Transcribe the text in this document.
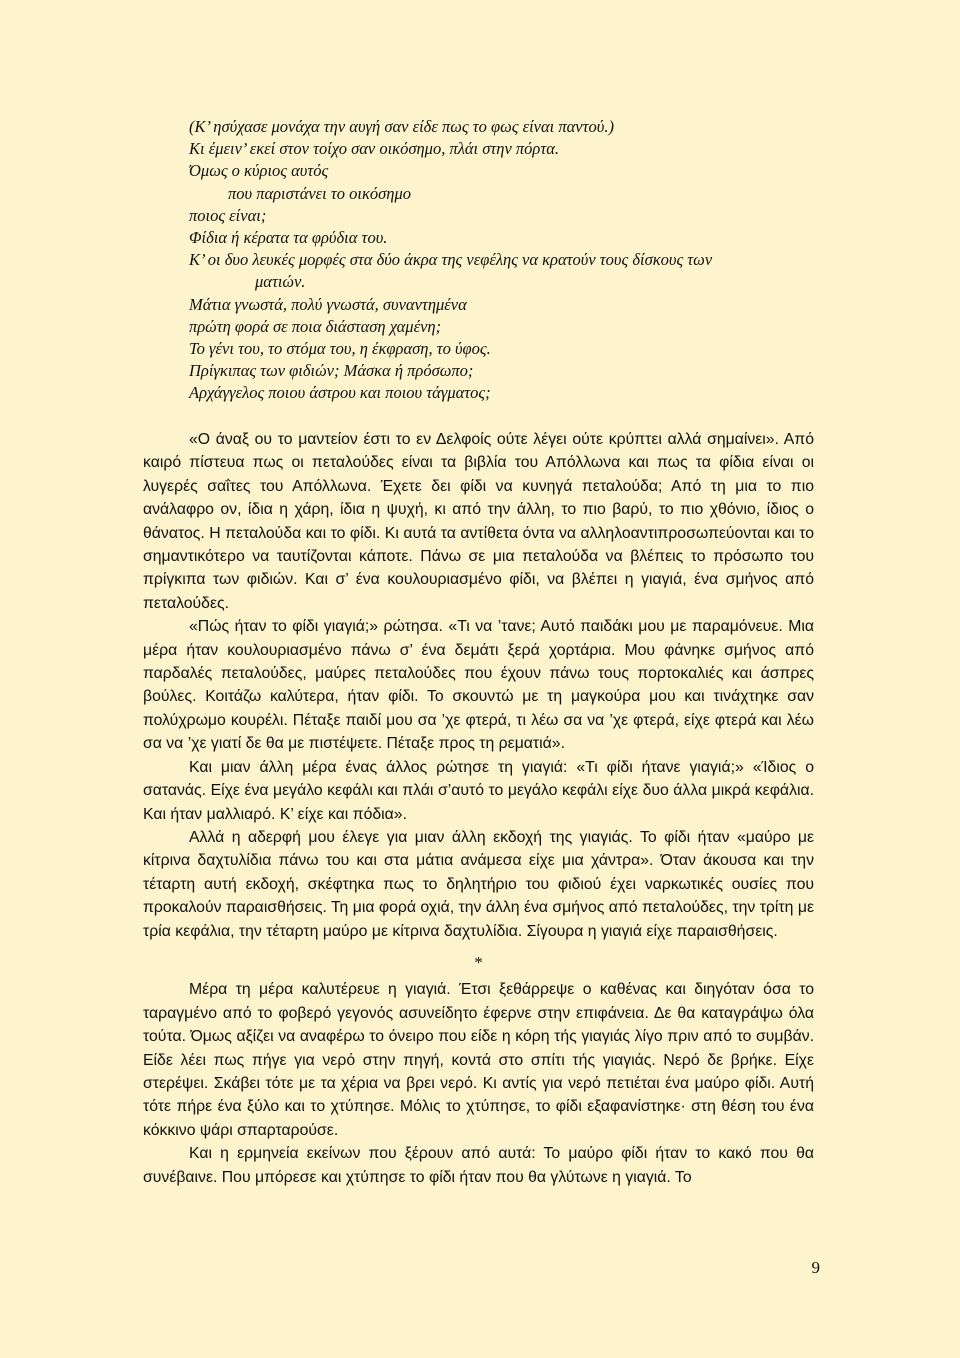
(Κ’ ησύχασε μονάχα την αυγή σαν είδε πως το φως είναι παντού.)
Κι έμειν’ εκεί στον τοίχο σαν οικόσημο, πλάι στην πόρτα.
Όμως ο κύριος αυτός
που παριστάνει το οικόσημο
ποιος είναι;
Φίδια ή κέρατα τα φρύδια του.
Κ’ οι δυο λευκές μορφές στα δύο άκρα της νεφέλης να κρατούν τους δίσκους των
ματιών.
Μάτια γνωστά, πολύ γνωστά, συναντημένα
πρώτη φορά σε ποια διάσταση χαμένη;
Το γένι του, το στόμα του, η έκφραση, το ύφος.
Πρίγκιπας των φιδιών; Μάσκα ή πρόσωπο;
Αρχάγγελος ποιου άστρου και ποιου τάγματος;

«Ο άναξ ου το μαντείον έστι το εν Δελφοίς ούτε λέγει ούτε κρύπτει αλλά σημαίνει». Από καιρό πίστευα πως οι πεταλούδες είναι τα βιβλία του Απόλλωνα και πως τα φίδια είναι οι λυγερές σαΐτες του Απόλλωνα. Έχετε δει φίδι να κυνηγά πεταλούδα; Από τη μια το πιο ανάλαφρο ον, ίδια η χάρη, ίδια η ψυχή, κι από την άλλη, το πιο βαρύ, το πιο χθόνιο, ίδιος ο θάνατος. Η πεταλούδα και το φίδι. Κι αυτά τα αντίθετα όντα να αλληλοαντιπροσωπεύονται και το σημαντικότερο να ταυτίζονται κάποτε. Πάνω σε μια πεταλούδα να βλέπεις το πρόσωπο του πρίγκιπα των φιδιών. Και σ’ ένα κουλουριασμένο φίδι, να βλέπει η γιαγιά, ένα σμήνος από πεταλούδες.

«Πώς ήταν το φίδι γιαγιά;» ρώτησα. «Τι να ’τανε; Αυτό παιδάκι μου με παραμόνευε. Μια μέρα ήταν κουλουριασμένο πάνω σ’ ένα δεμάτι ξερά χορτάρια. Μου φάνηκε σμήνος από παρδαλές πεταλούδες, μαύρες πεταλούδες που έχουν πάνω τους πορτοκαλιές και άσπρες βούλες. Κοιτάζω καλύτερα, ήταν φίδι. Το σκουντώ με τη μαγκούρα μου και τινάχτηκε σαν πολύχρωμο κουρέλι. Πέταξε παιδί μου σα ’χε φτερά, τι λέω σα να ’χε φτερά, είχε φτερά και λέω σα να ’χε γιατί δε θα με πιστέψετε. Πέταξε προς τη ρεματιά».

Και μιαν άλλη μέρα ένας άλλος ρώτησε τη γιαγιά: «Τι φίδι ήτανε γιαγιά;» «Ίδιος ο σατανάς. Είχε ένα μεγάλο κεφάλι και πλάι σ’αυτό το μεγάλο κεφάλι είχε δυο άλλα μικρά κεφάλια. Και ήταν μαλλιαρό. Κ’ είχε και πόδια».

Αλλά η αδερφή μου έλεγε για μιαν άλλη εκδοχή της γιαγιάς. Το φίδι ήταν «μαύρο με κίτρινα δαχτυλίδια πάνω του και στα μάτια ανάμεσα είχε μια χάντρα». Όταν άκουσα και την τέταρτη αυτή εκδοχή, σκέφτηκα πως το δηλητήριο του φιδιού έχει ναρκωτικές ουσίες που προκαλούν παραισθήσεις. Τη μια φορά οχιά, την άλλη ένα σμήνος από πεταλούδες, την τρίτη με τρία κεφάλια, την τέταρτη μαύρο με κίτρινα δαχτυλίδια. Σίγουρα η γιαγιά είχε παραισθήσεις.

*

Μέρα τη μέρα καλυτέρευε η γιαγιά. Έτσι ξεθάρρεψε ο καθένας και διηγόταν όσα το ταραγμένο από το φοβερό γεγονός ασυνείδητο έφερνε στην επιφάνεια. Δε θα καταγράψω όλα τούτα. Όμως αξίζει να αναφέρω το όνειρο που είδε η κόρη τής γιαγιάς λίγο πριν από το συμβάν. Είδε λέει πως πήγε για νερό στην πηγή, κοντά στο σπίτι τής γιαγιάς. Νερό δε βρήκε. Είχε στερέψει. Σκάβει τότε με τα χέρια να βρει νερό. Κι αντίς για νερό πετιέται ένα μαύρο φίδι. Αυτή τότε πήρε ένα ξύλο και το χτύπησε. Μόλις το χτύπησε, το φίδι εξαφανίστηκε· στη θέση του ένα κόκκινο ψάρι σπαρταρούσε.

Και η ερμηνεία εκείνων που ξέρουν από αυτά: Το μαύρο φίδι ήταν το κακό που θα συνέβαινε. Που μπόρεσε και χτύπησε το φίδι ήταν που θα γλύτωνε η γιαγιά. Το

9
